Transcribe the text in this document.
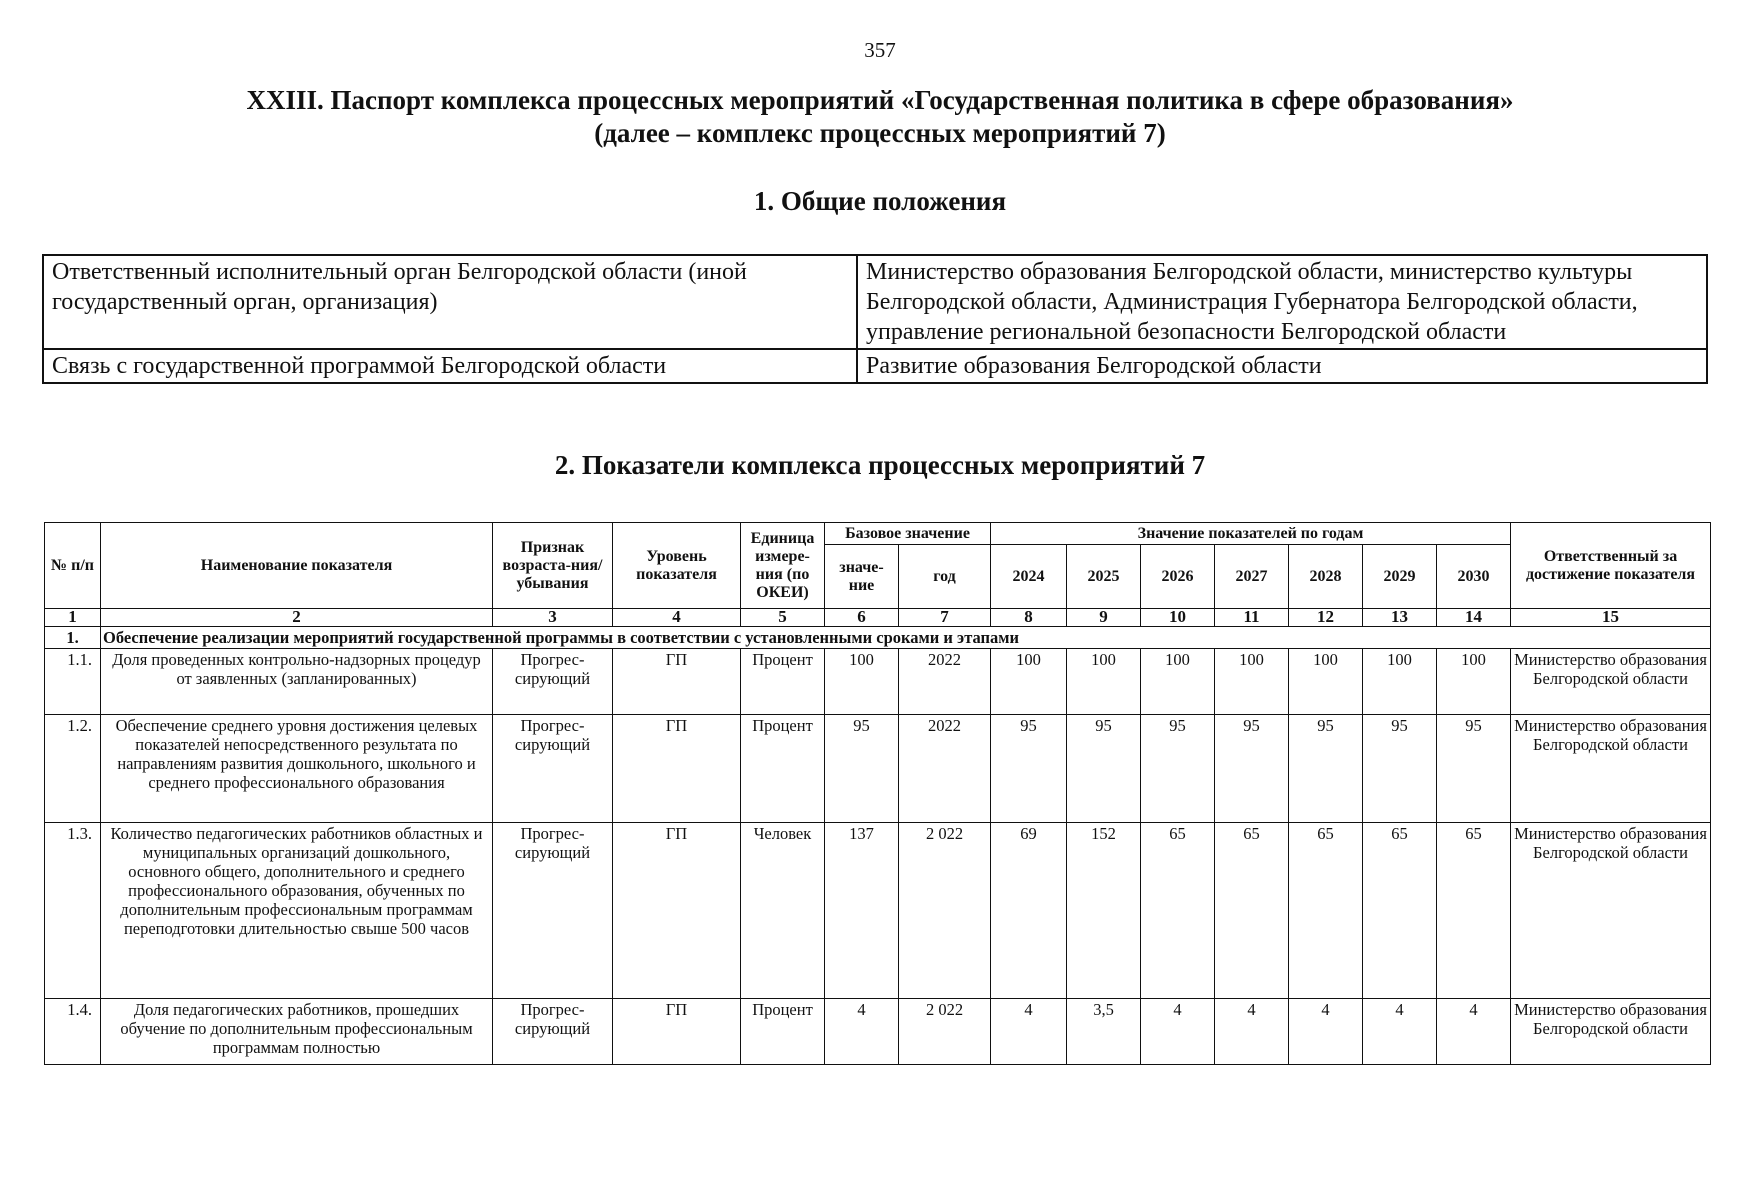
357
XXIII. Паспорт комплекса процессных мероприятий «Государственная политика в сфере образования»
(далее – комплекс процессных мероприятий 7)
1. Общие положения
Ответственный исполнительный орган Белгородской области (иной государственный орган, организация)	Министерство образования Белгородской области, министерство культуры Белгородской области, Администрация Губернатора Белгородской области, управление региональной безопасности Белгородской области
Связь с государственной программой Белгородской области	Развитие образования Белгородской области
2. Показатели комплекса процессных мероприятий 7
№ п/п	Наименование показателя	Признак возраста-ния/ убывания	Уровень показателя	Единица измере-ния (по ОКЕИ)	Базовое значение		Значение показателей по годам							Ответственный за достижение показателя
					значе-ние	год	2024	2025	2026	2027	2028	2029	2030	
1	2	3	4	5	6	7	8	9	10	11	12	13	14	15
1.	Обеспечение реализации мероприятий государственной программы в соответствии с установленными сроками и этапами													
1.1.	Доля проведенных контрольно-надзорных процедур от заявленных (запланированных)	Прогрес-сирующий	ГП	Процент	100	2022	100	100	100	100	100	100	100	Министерство образования Белгородской области
1.2.	Обеспечение среднего уровня достижения целевых показателей непосредственного результата по направлениям развития дошкольного, школьного и среднего профессионального образования	Прогрес-сирующий	ГП	Процент	95	2022	95	95	95	95	95	95	95	Министерство образования Белгородской области
1.3.	Количество педагогических работников областных и муниципальных организаций дошкольного, основного общего, дополнительного и среднего профессионального образования, обученных по дополнительным профессиональным программам переподготовки длительностью свыше 500 часов	Прогрес-сирующий	ГП	Человек	137	2 022	69	152	65	65	65	65	65	Министерство образования Белгородской области
1.4.	Доля педагогических работников, прошедших обучение по дополнительным профессиональным программам полностью	Прогрес-сирующий	ГП	Процент	4	2 022	4	3,5	4	4	4	4	4	Министерство образования Белгородской области
